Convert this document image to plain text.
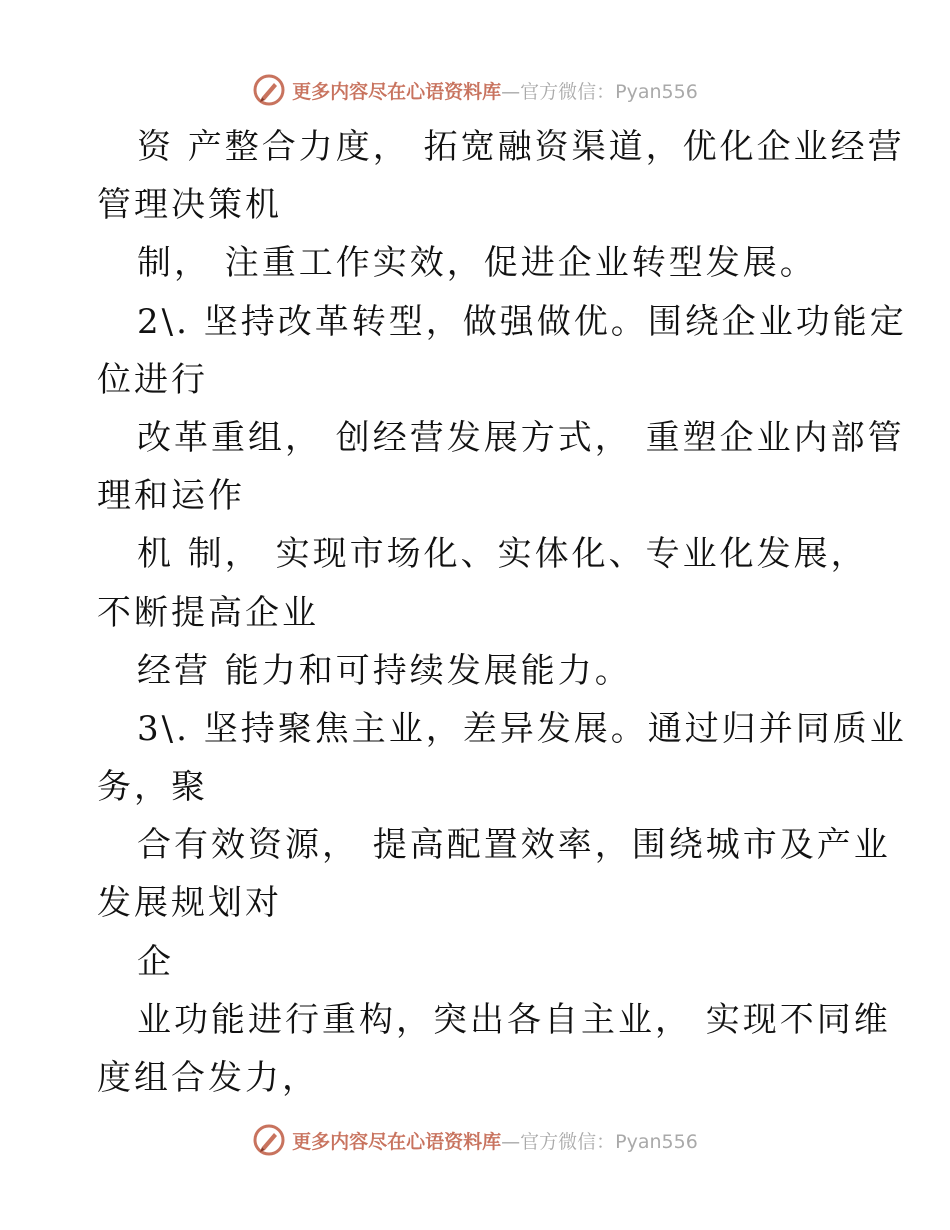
更多内容尽在心语资料库—官方微信：Pyan556
资 产整合力度， 拓宽融资渠道，优化企业经营
管理决策机
制， 注重工作实效，促进企业转型发展。
2\. 坚持改革转型，做强做优。围绕企业功能定
位进行
改革重组， 创经营发展方式， 重塑企业内部管
理和运作
机 制， 实现市场化、实体化、专业化发展，
不断提高企业
经营 能力和可持续发展能力。
3\. 坚持聚焦主业，差异发展。通过归并同质业
务，聚
合有效资源， 提高配置效率，围绕城市及产业
发展规划对
企
业功能进行重构，突出各自主业， 实现不同维
度组合发力，
更多内容尽在心语资料库—官方微信：Pyan556
